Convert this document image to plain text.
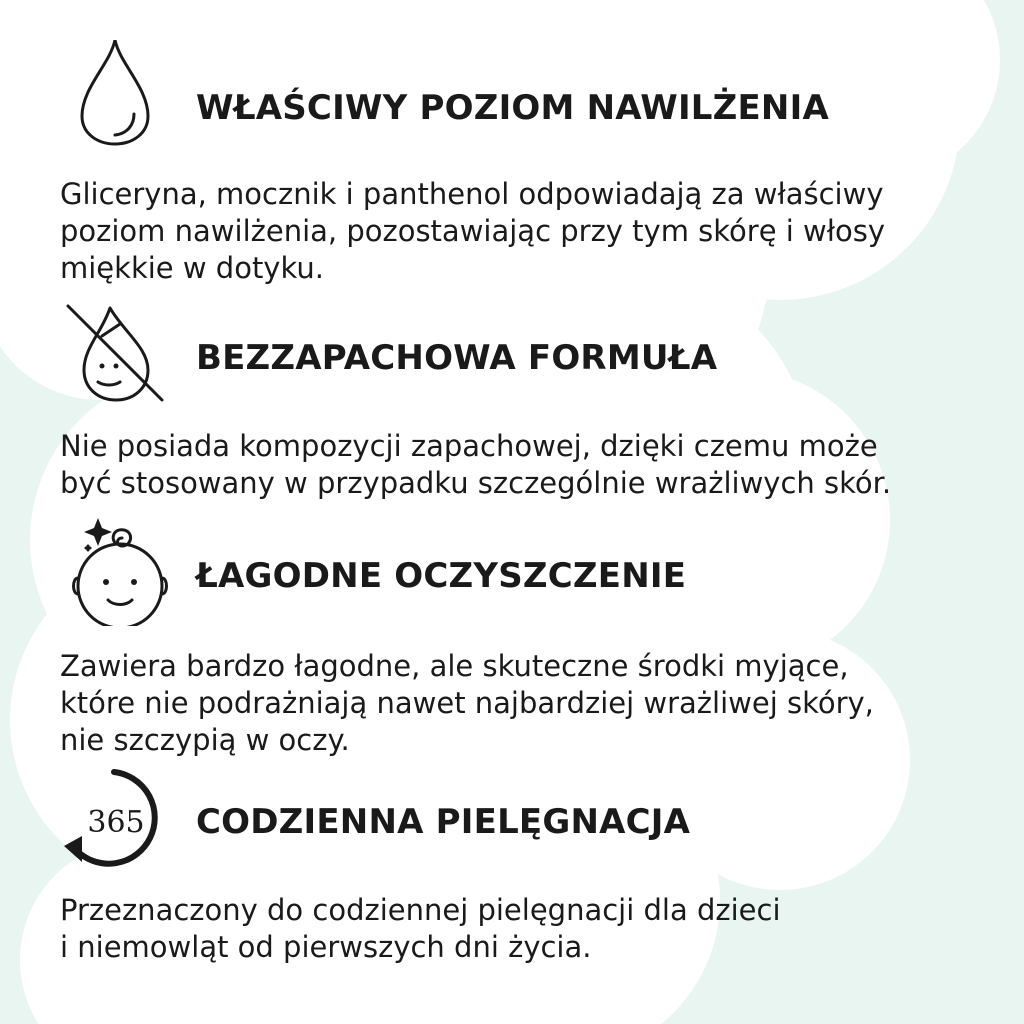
WŁAŚCIWY POZIOM NAWILŻENIA

Gliceryna, mocznik i panthenol odpowiadają za właściwy
poziom nawilżenia, pozostawiając przy tym skórę i włosy
miękkie w dotyku.

BEZZAPACHOWA FORMUŁA

Nie posiada kompozycji zapachowej, dzięki czemu może
być stosowany w przypadku szczególnie wrażliwych skór.

ŁAGODNE OCZYSZCZENIE

Zawiera bardzo łagodne, ale skuteczne środki myjące,
które nie podrażniają nawet najbardziej wrażliwej skóry,
nie szczypią w oczy.

365 CODZIENNA PIELĘGNACJA

Przeznaczony do codziennej pielęgnacji dla dzieci
i niemowląt od pierwszych dni życia.
